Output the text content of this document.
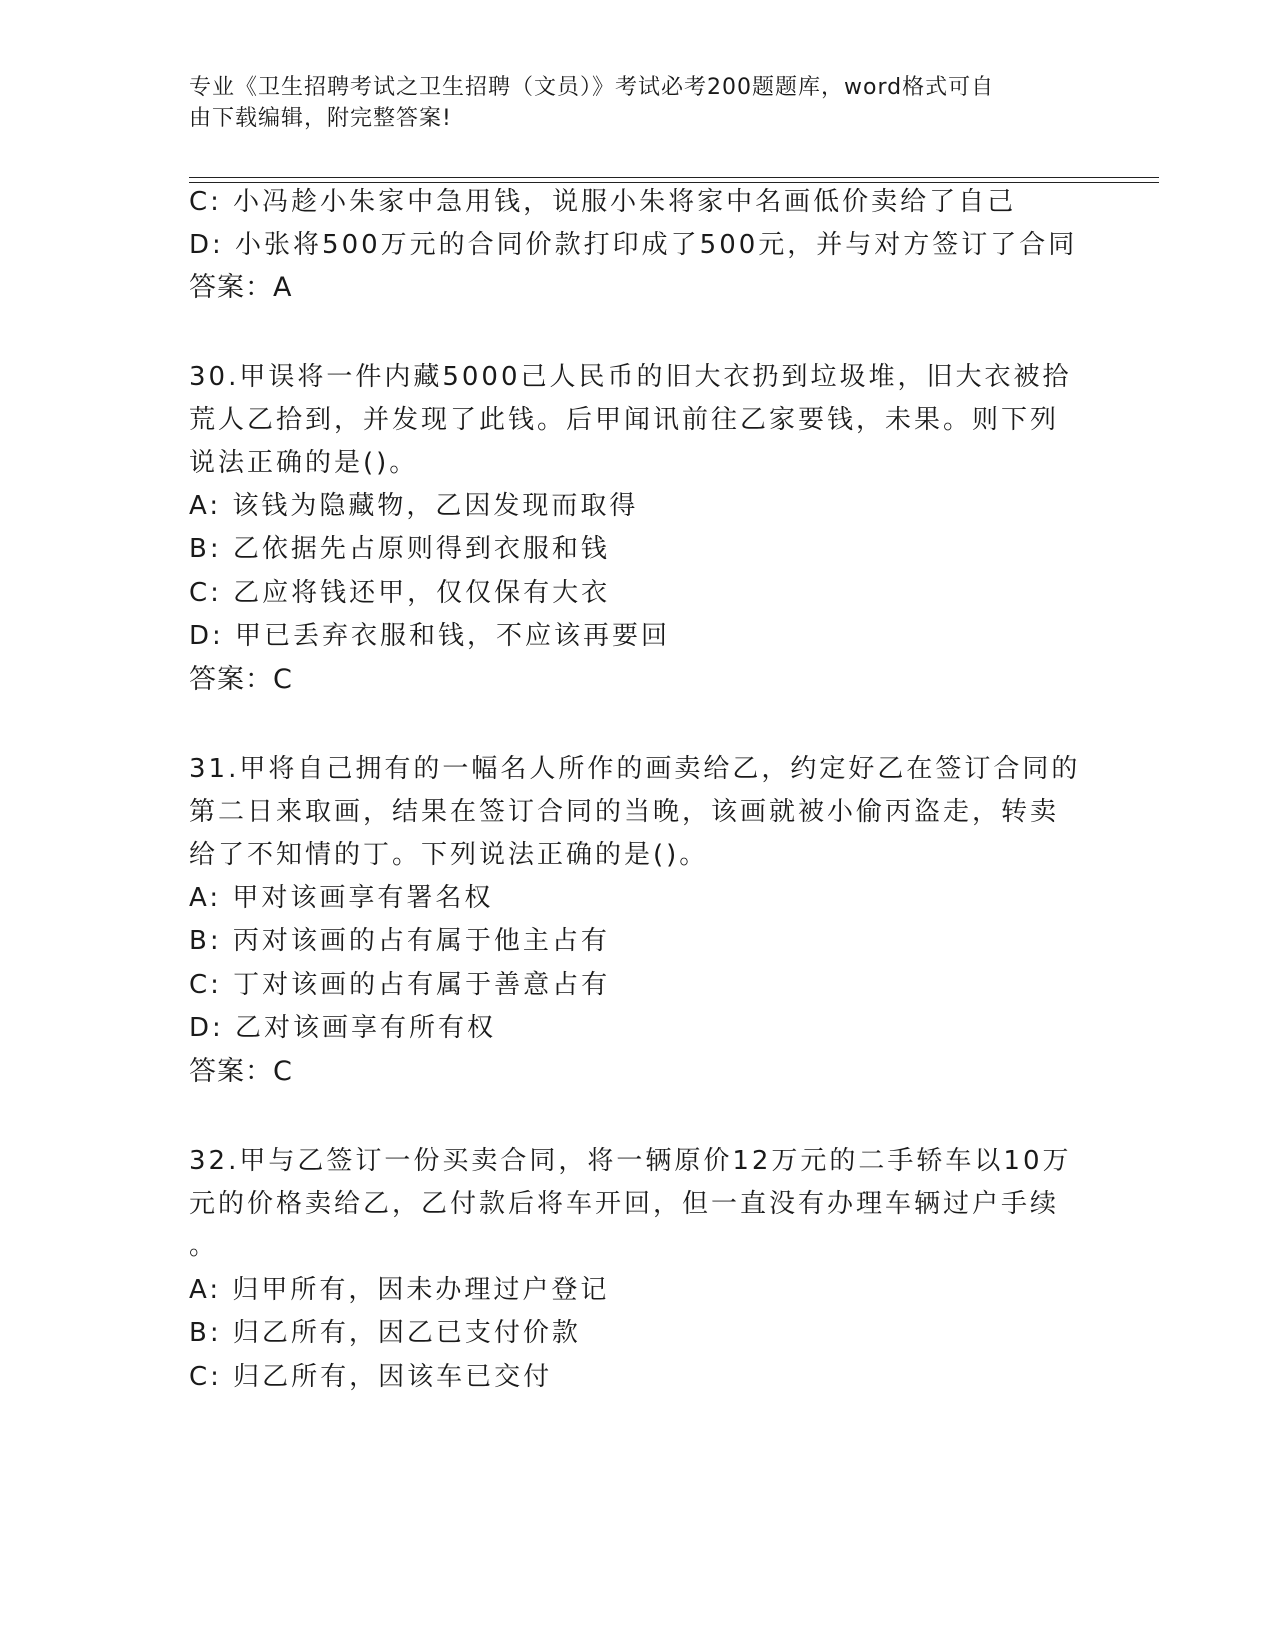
专业《卫生招聘考试之卫生招聘（文员）》考试必考200题题库，word格式可自
由下载编辑，附完整答案!
C: 小冯趁小朱家中急用钱，说服小朱将家中名画低价卖给了自己
D: 小张将500万元的合同价款打印成了500元，并与对方签订了合同
答案：A
30.甲误将一件内藏5000己人民币的旧大衣扔到垃圾堆，旧大衣被拾
荒人乙拾到，并发现了此钱。后甲闻讯前往乙家要钱，未果。则下列
说法正确的是()。
A: 该钱为隐藏物，乙因发现而取得
B: 乙依据先占原则得到衣服和钱
C: 乙应将钱还甲，仅仅保有大衣
D: 甲已丢弃衣服和钱，不应该再要回
答案：C
31.甲将自己拥有的一幅名人所作的画卖给乙，约定好乙在签订合同的
第二日来取画，结果在签订合同的当晚，该画就被小偷丙盗走，转卖
给了不知情的丁。下列说法正确的是()。
A: 甲对该画享有署名权
B: 丙对该画的占有属于他主占有
C: 丁对该画的占有属于善意占有
D: 乙对该画享有所有权
答案：C
32.甲与乙签订一份买卖合同，将一辆原价12万元的二手轿车以10万
元的价格卖给乙，乙付款后将车开回，但一直没有办理车辆过户手续
。
A: 归甲所有，因未办理过户登记
B: 归乙所有，因乙已支付价款
C: 归乙所有，因该车已交付
